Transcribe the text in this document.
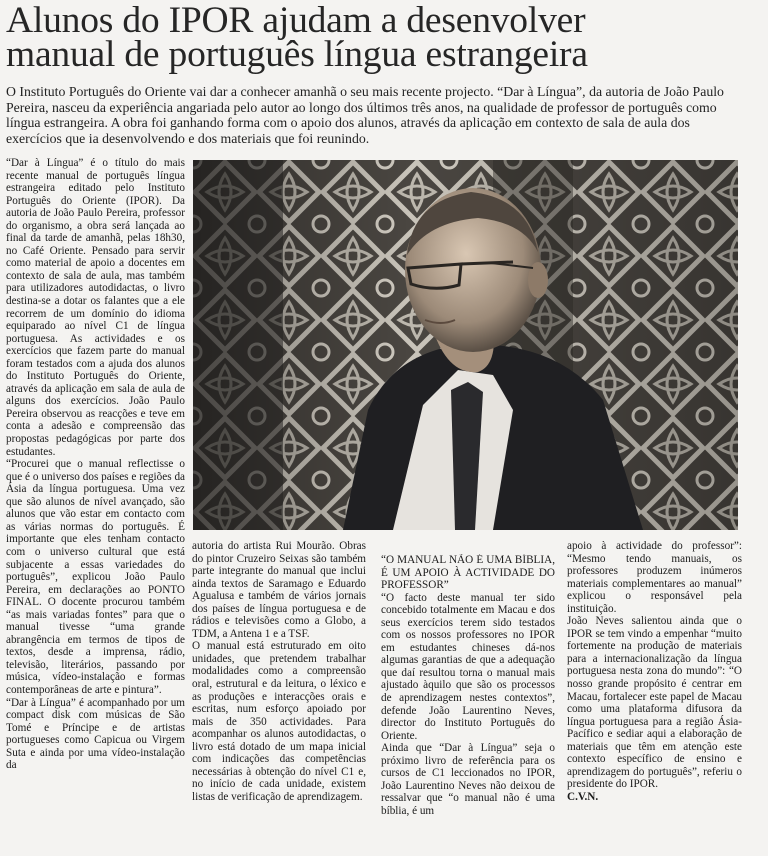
Alunos do IPOR ajudam a desenvolver
manual de português língua estrangeira

O Instituto Português do Oriente vai dar a conhecer amanhã o seu mais recente projecto. “Dar à Língua”, da autoria de João Paulo Pereira, nasceu da experiência angariada pelo autor ao longo dos últimos três anos, na qualidade de professor de português como língua estrangeira. A obra foi ganhando forma com o apoio dos alunos, através da aplicação em contexto de sala de aula dos exercícios que ia desenvolvendo e dos materiais que foi reunindo.

“Dar à Língua” é o título do mais recente manual de português língua estrangeira editado pelo Instituto Português do Oriente (IPOR). Da autoria de João Paulo Pereira, professor do organismo, a obra será lançada ao final da tarde de amanhã, pelas 18h30, no Café Oriente. Pensado para servir como material de apoio a docentes em contexto de sala de aula, mas também para utilizadores autodidactas, o livro destina-se a dotar os falantes que a ele recorrem de um domínio do idioma equiparado ao nível C1 de língua portuguesa. As actividades e os exercícios que fazem parte do manual foram testados com a ajuda dos alunos do Instituto Português do Oriente, através da aplicação em sala de aula de alguns dos exercícios. João Paulo Pereira observou as reacções e teve em conta a adesão e compreensão das propostas pedagógicas por parte dos estudantes.

“Procurei que o manual reflectisse o que é o universo dos países e regiões da Ásia da língua portuguesa. Uma vez que são alunos de nível avançado, são alunos que vão estar em contacto com as várias normas do português. É importante que eles tenham contacto com o universo cultural que está subjacente a essas variedades do português”, explicou João Paulo Pereira, em declarações ao PONTO FINAL. O docente procurou também “as mais variadas fontes” para que o manual tivesse “uma grande abrangência em termos de tipos de textos, desde a imprensa, rádio, televisão, literários, passando por música, vídeo-instalação e formas contemporâneas de arte e pintura”.

“Dar à Língua” é acompanhado por um compact disk com músicas de São Tomé e Príncipe e de artistas portugueses como Capicua ou Virgem Suta e ainda por uma vídeo-instalação da

autoria do artista Rui Mourão. Obras do pintor Cruzeiro Seixas são também parte integrante do manual que inclui ainda textos de Saramago e Eduardo Agualusa e também de vários jornais dos países de língua portuguesa e de rádios e televisões como a Globo, a TDM, a Antena 1 e a TSF.

O manual está estruturado em oito unidades, que pretendem trabalhar modalidades como a compreensão oral, estrutural e da leitura, o léxico e as produções e interacções orais e escritas, num esforço apoiado por mais de 350 actividades. Para acompanhar os alunos autodidactas, o livro está dotado de um mapa inicial com indicações das competências necessárias à obtenção do nível C1 e, no início de cada unidade, existem listas de verificação de aprendizagem.

“O MANUAL NÃO É UMA BÍBLIA, É UM APOIO À ACTIVIDADE DO PROFESSOR”

“O facto deste manual ter sido concebido totalmente em Macau e dos seus exercícios terem sido testados com os nossos professores no IPOR em estudantes chineses dá-nos algumas garantias de que a adequação que daí resultou torna o manual mais ajustado àquilo que são os processos de aprendizagem nestes contextos”, defende João Laurentino Neves, director do Instituto Português do Oriente.

Ainda que “Dar à Língua” seja o próximo livro de referência para os cursos de C1 leccionados no IPOR, João Laurentino Neves não deixou de ressalvar que “o manual não é uma bíblia, é um

apoio à actividade do professor”: “Mesmo tendo manuais, os professores produzem inúmeros materiais complementares ao manual” explicou o responsável pela instituição.

João Neves salientou ainda que o IPOR se tem vindo a empenhar “muito fortemente na produção de materiais para a internacionalização da língua portuguesa nesta zona do mundo”: “O nosso grande propósito é centrar em Macau, fortalecer este papel de Macau como uma plataforma difusora da língua portuguesa para a região Ásia-Pacífico e sediar aqui a elaboração de materiais que têm em atenção este contexto específico de ensino e aprendizagem do português”, referiu o presidente do IPOR.

C.V.N.
